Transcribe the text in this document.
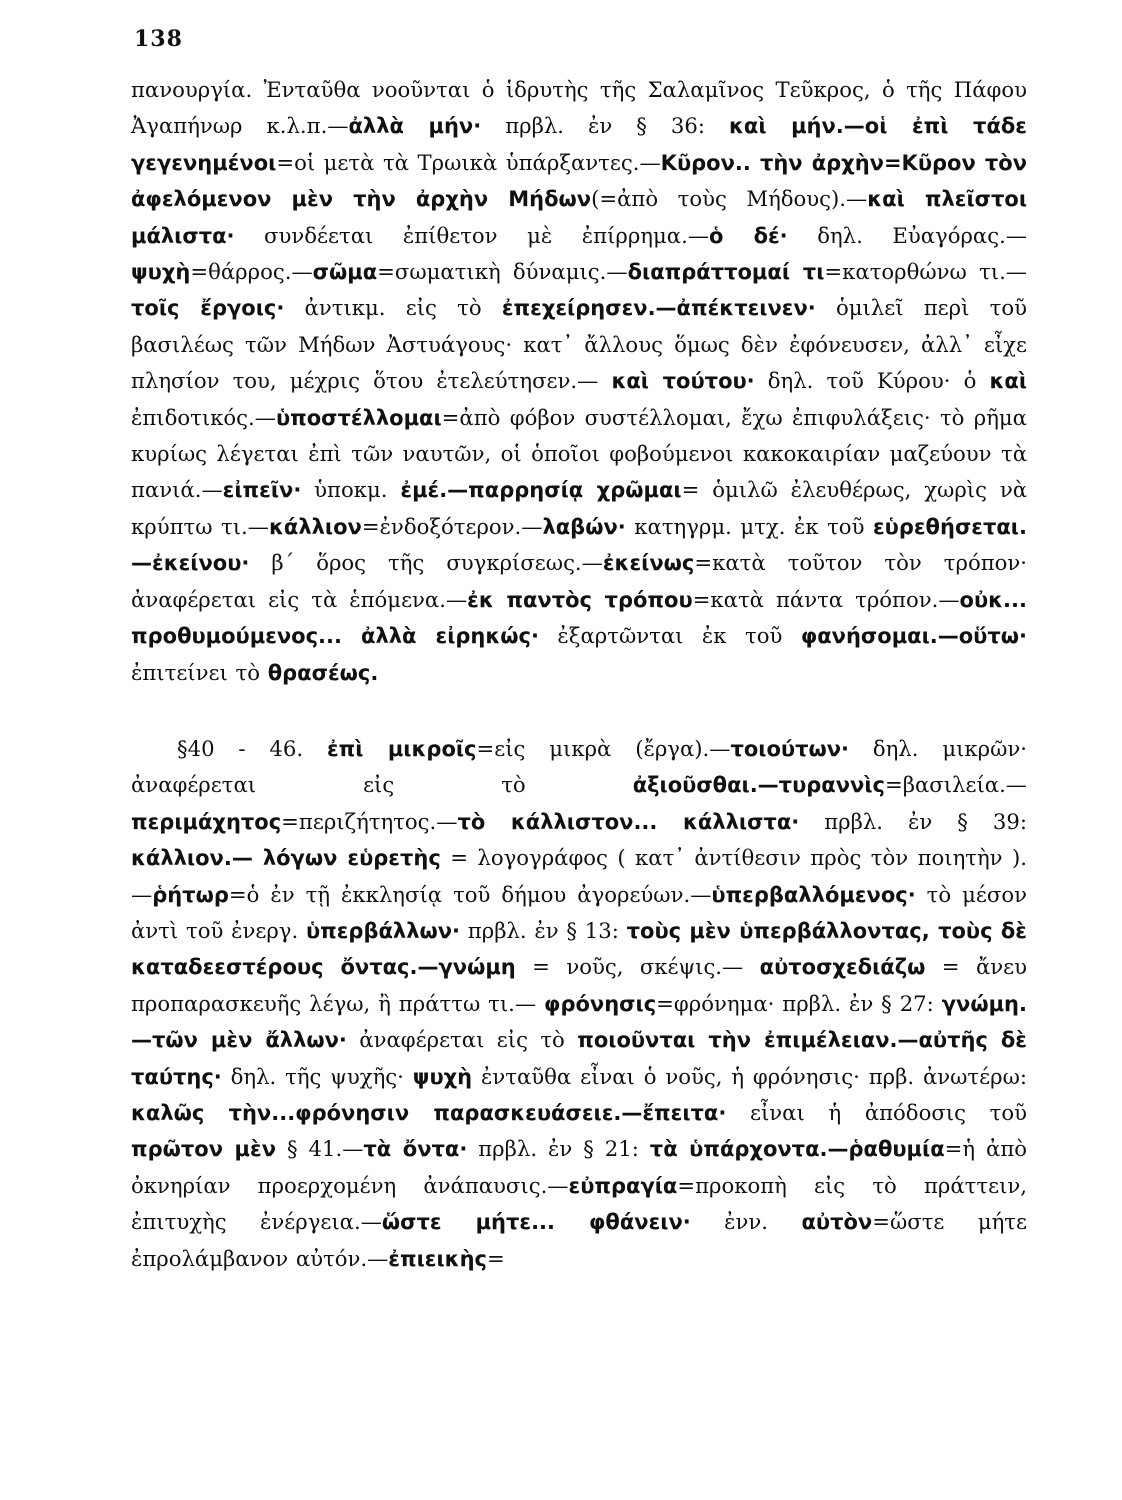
138

πανουργία. Ἐνταῦθα νοοῦνται ὁ ἱδρυτὴς τῆς Σαλαμῖνος Τεῦκρος, ὁ τῆς Πάφου Ἀγαπήνωρ κ.λ.π.—ἀλλὰ μήν· πρβλ. ἐν § 36: καὶ μήν.—οἱ ἐπὶ τάδε γεγενημένοι=οἱ μετὰ τὰ Τρωικὰ ὑπάρξαντες.—Κῦρον.. τὴν ἀρχὴν=Κῦρον τὸν ἀφελόμενον μὲν τὴν ἀρχὴν Μήδων(=ἀπὸ τοὺς Μήδους).—καὶ πλεῖστοι μάλιστα· συνδέεται ἐπίθετον μὲ ἐπίρρημα.—ὁ δέ· δηλ. Εὐαγόρας.—ψυχὴ=θάρρος.—σῶμα=σωματικὴ δύναμις.—διαπράττομαί τι=κατορθώνω τι.—τοῖς ἔργοις· ἀντικμ. εἰς τὸ ἐπεχείρησεν.—ἀπέκτεινεν· ὁμιλεῖ περὶ τοῦ βασιλέως τῶν Μήδων Ἀστυάγους· κατ᾽ ἄλλους ὅμως δὲν ἐφόνευσεν, ἀλλ᾽ εἶχε πλησίον του, μέχρις ὅτου ἐτελεύτησεν.— καὶ τούτου· δηλ. τοῦ Κύρου· ὁ καὶ ἐπιδοτικός.—ὑποστέλλομαι=ἀπὸ φόβον συστέλλομαι, ἔχω ἐπιφυλάξεις· τὸ ρῆμα κυρίως λέγεται ἐπὶ τῶν ναυτῶν, οἱ ὁποῖοι φοβούμενοι κακοκαιρίαν μαζεύουν τὰ πανιά.—εἰπεῖν· ὑποκμ. ἐμέ.—παρρησίᾳ χρῶμαι= ὁμιλῶ ἐλευθέρως, χωρὶς νὰ κρύπτω τι.—κάλλιον=ἐνδοξότερον.—λαβών· κατηγρμ. μτχ. ἐκ τοῦ εὑρεθήσεται.—ἐκείνου· β´ ὅρος τῆς συγκρίσεως.—ἐκείνως=κατὰ τοῦτον τὸν τρόπον· ἀναφέρεται εἰς τὰ ἑπόμενα.—ἐκ παντὸς τρόπου=κατὰ πάντα τρόπον.—οὐκ... προθυμούμενος... ἀλλὰ εἰρηκώς· ἐξαρτῶνται ἐκ τοῦ φανήσομαι.—οὕτω· ἐπιτείνει τὸ θρασέως.

§40 - 46. ἐπὶ μικροῖς=εἰς μικρὰ (ἔργα).—τοιούτων· δηλ. μικρῶν· ἀναφέρεται εἰς τὸ ἀξιοῦσθαι.—τυραννὶς=βασιλεία.—περιμάχητος=περιζήτητος.—τὸ κάλλιστον... κάλλιστα· πρβλ. ἐν § 39: κάλλιον.— λόγων εὑρετὴς = λογογράφος ( κατ᾽ ἀντίθεσιν πρὸς τὸν ποιητὴν ).—ῥήτωρ=ὁ ἐν τῇ ἐκκλησίᾳ τοῦ δήμου ἀγορεύων.—ὑπερβαλλόμενος· τὸ μέσον ἀντὶ τοῦ ἐνεργ. ὑπερβάλλων· πρβλ. ἐν § 13: τοὺς μὲν ὑπερβάλλοντας, τοὺς δὲ καταδεεστέρους ὄντας.—γνώμη = νοῦς, σκέψις.— αὐτοσχεδιάζω = ἄνευ προπαρασκευῆς λέγω, ἢ πράττω τι.— φρόνησις=φρόνημα· πρβλ. ἐν § 27: γνώμη.—τῶν μὲν ἄλλων· ἀναφέρεται εἰς τὸ ποιοῦνται τὴν ἐπιμέλειαν.—αὐτῆς δὲ ταύτης· δηλ. τῆς ψυχῆς· ψυχὴ ἐνταῦθα εἶναι ὁ νοῦς, ἡ φρόνησις· πρβ. ἀνωτέρω: καλῶς τὴν...φρόνησιν παρασκευάσειε.—ἔπειτα· εἶναι ἡ ἀπόδοσις τοῦ πρῶτον μὲν § 41.—τὰ ὄντα· πρβλ. ἐν § 21: τὰ ὑπάρχοντα.—ῥαθυμία=ἡ ἀπὸ ὀκνηρίαν προερχομένη ἀνάπαυσις.—εὐπραγία=προκοπὴ εἰς τὸ πράττειν, ἐπιτυχὴς ἐνέργεια.—ὥστε μήτε... φθάνειν· ἐνν. αὐτὸν=ὥστε μήτε ἐπρολάμβανον αὐτόν.—ἐπιεικὴς=
